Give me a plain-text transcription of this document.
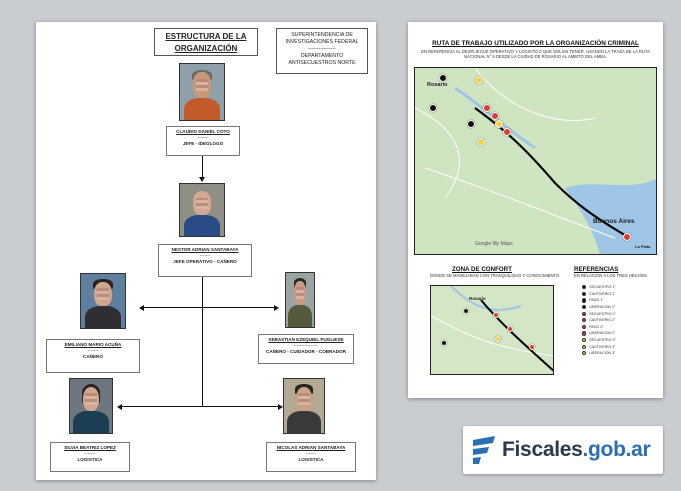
ESTRUCTURA DE LA
ORGANIZACIÓN
SUPERINTENDENCIA DE
INVESTIGACIONES FEDERAL
----------------
DEPARTAMENTO
ANTISECUESTROS NORTE
CLAUDIO DANIEL COTO
-------
JEFE - IDEOLOGO
NESTOR ADRIAN SANTABAYA
-------
JEFE OPERATIVO - CAÑERO
EMILIANO MARIO ACUÑA
-------
CAÑERO
SEBASTIAN EZEQUIEL PUGLIESE
----------------
CAÑERO - CUIDADOR - COBRADOR
SILVIA BEATRIZ LOPEZ
-------
LOGISTICA
NICOLAS ADRIAN SANTABAYA
-------
LOGISTICA
RUTA DE TRABAJO UTILIZADO POR LA ORGANIZACIÓN CRIMINAL
EN REFERENCIA AL DESPLIEGUE OPERATIVO Y LOGISTICO QUE SOLIAN TENER, USANDO LA TRAZA DE LA RUTA NACIONAL N° 9 DESDE LA CIUDAD DE ROSARIO AL AMBITO DEL AMBA.
Rosario
Buenos Aires
La Plata
Google My Maps
ZONA DE CONFORT
DONDE SE MANEJABAN CON TRANQUILIDAD Y CONOCIMIENTO
Rosario
REFERENCIAS
EN RELACION A LOS TRES HECHOS
SECUESTRO 1°
CAUTIVERIO 1°
PAGO 1°
LIBERACION 1°
SECUESTRO 2°
CAUTIVERIO 2°
PAGO 2°
LIBERACION 2°
SECUESTRO 3°
CAUTIVERIO 3°
LIBERACION 3°
Fiscales.gob.ar
